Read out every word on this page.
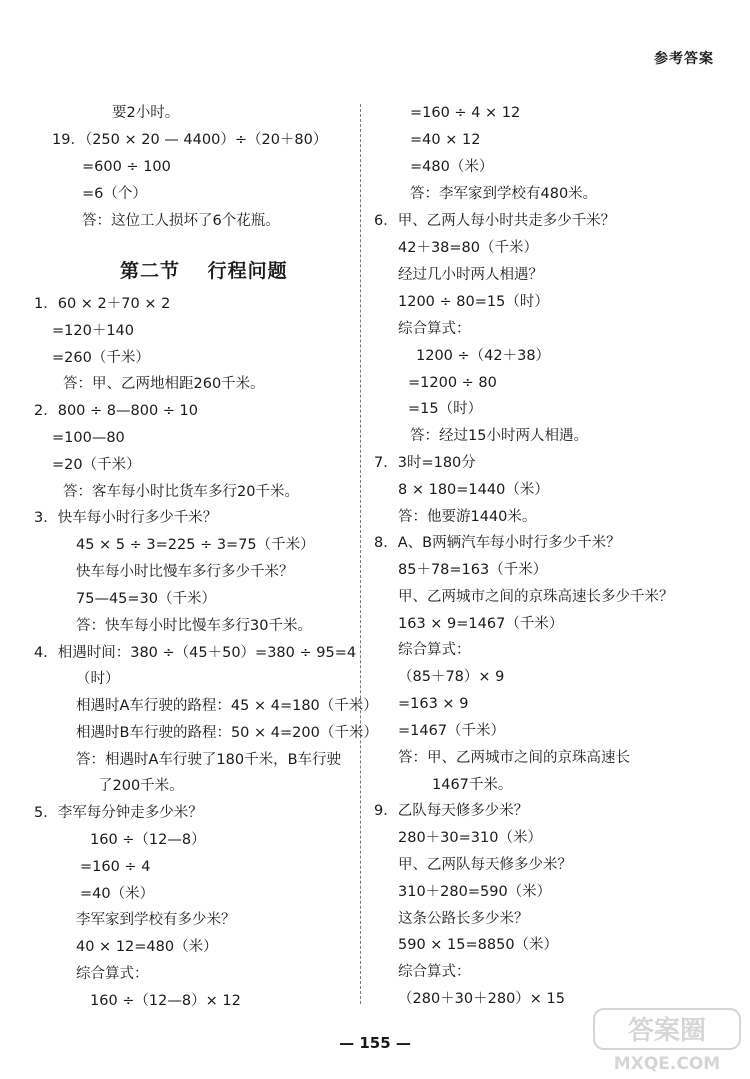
参考答案
要2小时。
19．（250 × 20 — 4400）÷（20＋80）
=600 ÷ 100
=6（个）
答：这位工人损坏了6个花瓶。
第二节　 行程问题
1．60 × 2＋70 × 2
=120＋140
=260（千米）
答：甲、乙两地相距260千米。
2．800 ÷ 8—800 ÷ 10
=100—80
=20（千米）
答：客车每小时比货车多行20千米。
3．快车每小时行多少千米？
45 × 5 ÷ 3=225 ÷ 3=75（千米）
快车每小时比慢车多行多少千米？
75—45=30（千米）
答：快车每小时比慢车多行30千米。
4．相遇时间：380 ÷（45＋50）=380 ÷ 95=4
（时）
相遇时A车行驶的路程：45 × 4=180（千米）
相遇时B车行驶的路程：50 × 4=200（千米）
答：相遇时A车行驶了180千米，B车行驶
了200千米。
5．李军每分钟走多少米？
160 ÷（12—8）
=160 ÷ 4
=40（米）
李军家到学校有多少米？
40 × 12=480（米）
综合算式：
160 ÷（12—8）× 12
=160 ÷ 4 × 12
=40 × 12
=480（米）
答：李军家到学校有480米。
6．甲、乙两人每小时共走多少千米？
42＋38=80（千米）
经过几小时两人相遇？
1200 ÷ 80=15（时）
综合算式：
1200 ÷（42＋38）
=1200 ÷ 80
=15（时）
答：经过15小时两人相遇。
7．3时=180分
8 × 180=1440（米）
答：他要游1440米。
8．A、B两辆汽车每小时行多少千米？
85＋78=163（千米）
甲、乙两城市之间的京珠高速长多少千米？
163 × 9=1467（千米）
综合算式：
（85＋78）× 9
=163 × 9
=1467（千米）
答：甲、乙两城市之间的京珠高速长
1467千米。
9．乙队每天修多少米？
280＋30=310（米）
甲、乙两队每天修多少米？
310＋280=590（米）
这条公路长多少米？
590 × 15=8850（米）
综合算式：
（280＋30＋280）× 15
— 155 —	答案圈
MXQE.COM
